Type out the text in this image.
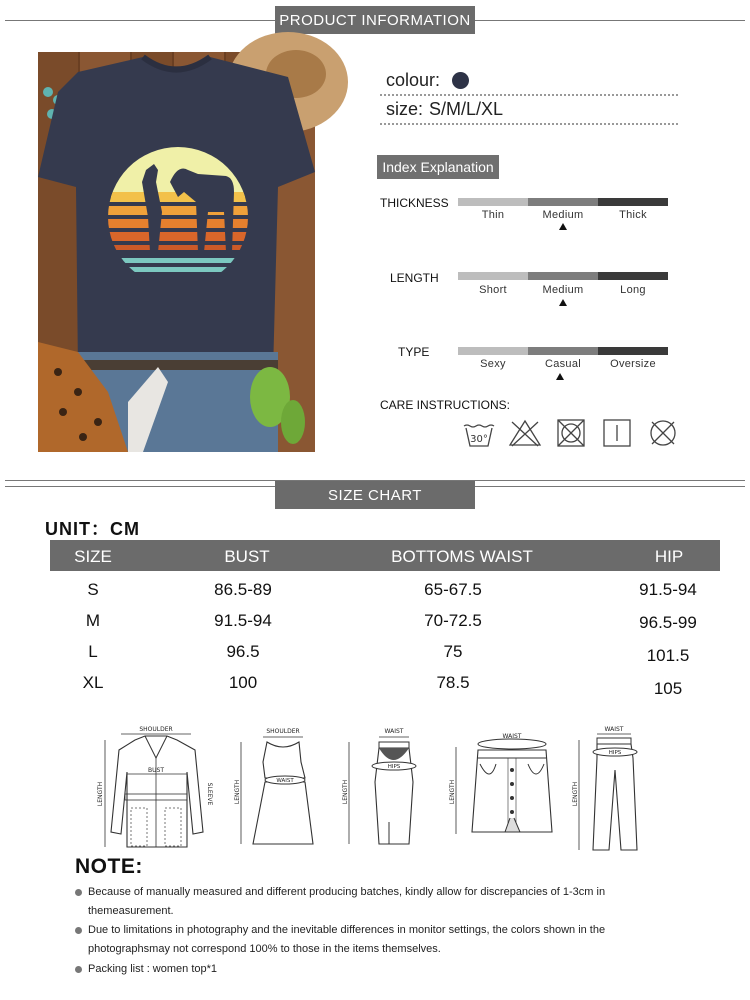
PRODUCT INFORMATION
colour:
size: S/M/L/XL
Index Explanation
THICKNESS
Thin	Medium	Thick
LENGTH
Short	Medium	Long
TYPE
Sexy	Casual	Oversize
CARE INSTRUCTIONS:
30°
SIZE CHART
UNIT：CM
SIZE	BUST	BOTTOMS WAIST	HIP
S	86.5-89	65-67.5	91.5-94
M	91.5-94	70-72.5	96.5-99
L	96.5	75	101.5
XL	100	78.5	105
SHOULDER
LENGTH
BUST
SLEEVE
SHOULDER
LENGTH	WAIST
WAIST
LENGTH
HIPS
WAIST
LENGTH
WAIST
LENGTH
HIPS
NOTE:
Because of manually measured and different producing batches, kindly allow for discrepancies of 1-3cm in themeasurement.
Due to limitations in photography and the inevitable differences in monitor settings, the colors shown in the photographsmay not correspond 100% to those in the items themselves.
Packing list : women top*1
